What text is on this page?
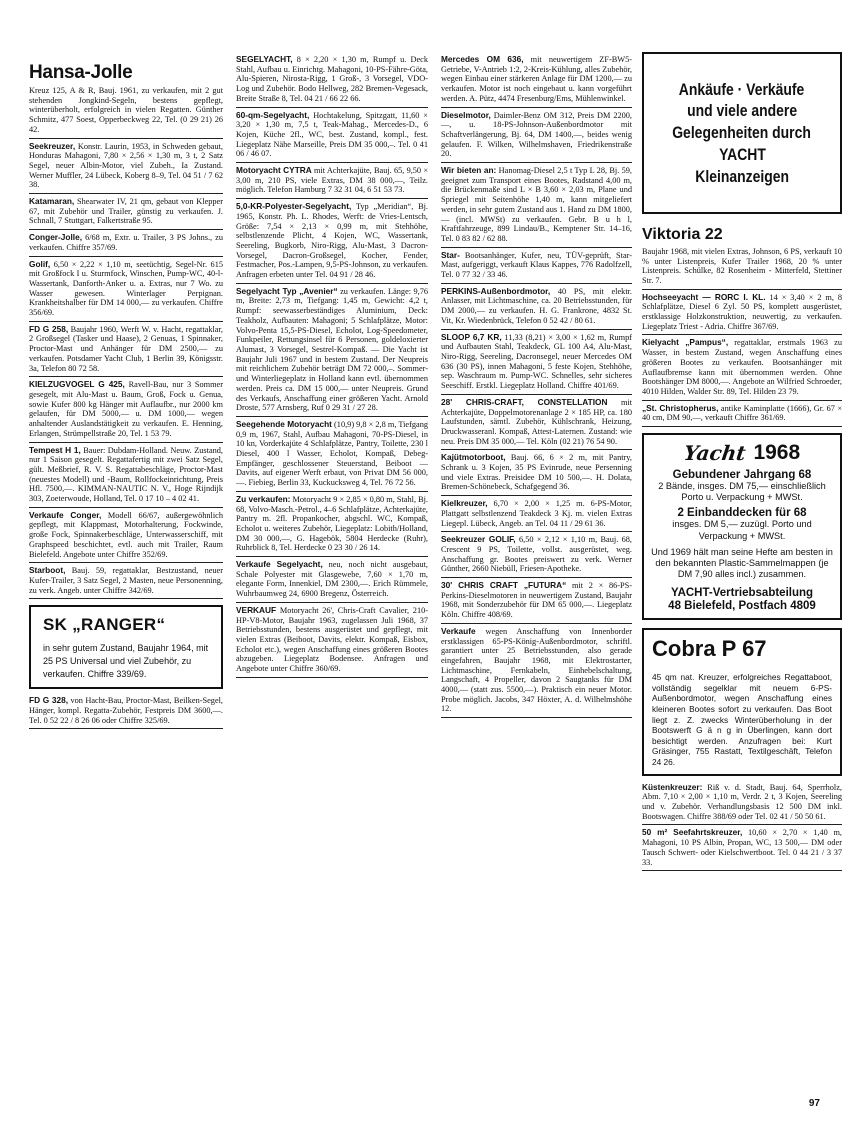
Hansa-Jolle
Kreuz 125, A & R, Bauj. 1961, zu verkaufen, mit 2 gut stehenden Jongkind-Segeln, bestens gepflegt, winterüberholt, erfolgreich in vielen Regatten. Günther Schmitz, 477 Soest, Opperbeckweg 22, Tel. (0 29 21) 26 42.

Seekreuzer, Konstr. Laurin, 1953, in Schweden gebaut, Honduras Mahagoni, 7,80 × 2,56 × 1,30 m, 3 t, 2 Satz Segel, neuer Albin-Motor, viel Zubeh., Ia Zustand. Werner Muffler, 24 Lübeck, Koberg 8–9, Tel. 04 51 / 7 62 38.

Katamaran, Shearwater IV, 21 qm, gebaut von Klepper 67, mit Zubehör und Trailer, günstig zu verkaufen. J. Schnall, 7 Stuttgart, Falkertstraße 95.

Conger-Jolle, 6/68 m, Extr. u. Trailer, 3 PS Johns., zu verkaufen. Chiffre 357/69.

Golif, 6,50 × 2,22 × 1,10 m, seetüchtig, Segel-Nr. 615 mit Großfock I u. Sturmfock, Winschen, Pump-WC, 40-l-Wassertank, Danforth-Anker u. a. Extras, nur 7 Wo. zu Wasser gewesen. Winterlager Perpignan. Krankheitshalber für DM 14 000,— zu verkaufen. Chiffre 356/69.

FD G 258, Baujahr 1960, Werft W. v. Hacht, regattaklar, 2 Großsegel (Tasker und Haase), 2 Genuas, 1 Spinnaker, Proctor-Mast und Anhänger für DM 2500,— zu verkaufen. Potsdamer Yacht Club, 1 Berlin 39, Königsstr. 3a, Telefon 80 72 58.

KIELZUGVOGEL G 425, Ravell-Bau, nur 3 Sommer gesegelt, mit Alu-Mast u. Baum, Groß, Fock u. Genua, sowie Kufer 800 kg Hänger mit Auflaufbr., nur 2000 km gelaufen, für DM 5000,— u. DM 1000,— wegen anhaltender Auslandstätigkeit zu verkaufen. E. Henning, Erlangen, Strümpellstraße 20, Tel. 1 53 79.

Tempest H 1, Bauer: Dubdam-Holland. Neuw. Zustand, nur 1 Saison gesegelt. Regattafertig mit zwei Satz Segel, gült. Meßbrief, R. V. S. Regattabeschläge, Proctor-Mast (neuestes Modell) und -Baum, Rollfockeinrichtung, Preis Hfl. 7500,—. KIMMAN-NAUTIC N. V., Hoge Rijndijk 303, Zoeterwoude, Holland, Tel. 0 17 10 – 4 02 41.

Verkaufe Conger, Modell 66/67, außergewöhnlich gepflegt, mit Klappmast, Motorhalterung, Fockwinde, große Fock, Spinnakerbeschläge, Unterwasserschiff, mit Graphspeed beschichtet, evtl. auch mit Trailer, Raum Bielefeld. Angebote unter Chiffre 352/69.

Starboot, Bauj. 59, regattaklar, Bestzustand, neuer Kufer-Trailer, 3 Satz Segel, 2 Masten, neue Personenning, zu verk. Angeb. unter Chiffre 342/69.

SK „RANGER“
in sehr gutem Zustand, Baujahr 1964, mit 25 PS Universal und viel Zubehör, zu verkaufen. Chiffre 339/69.

FD G 328, von Hacht-Bau, Proctor-Mast, Beilken-Segel, Hänger, kompl. Regatta-Zubehör, Festpreis DM 3600,—. Tel. 0 52 22 / 8 26 06 oder Chiffre 325/69.

SEGELYACHT, 8 × 2,20 × 1,30 m, Rumpf u. Deck Stahl, Aufbau u. Einrichtg. Mahagoni, 10-PS-Fähre-Göta, Alu-Spieren, Nirosta-Rigg, 1 Groß-, 3 Vorsegel, VDO-Log und Zubehör. Bodo Hellweg, 282 Bremen-Vegesack, Breite Straße 8, Tel. 04 21 / 66 22 66.

60-qm-Segelyacht, Hochtakelung, Spitzgatt, 11,60 × 3,20 × 1,30 m, 7,5 t, Teak-Mahag., Mercedes-D., 6 Kojen, Küche 2fl., WC, best. Zustand, kompl., fest. Liegeplatz Nähe Marseille, Preis DM 35 000,–. Tel. 0 41 06 / 46 07.

Motoryacht CYTRA mit Achterkajüte, Bauj. 65, 9,50 × 3,00 m, 210 PS, viele Extras, DM 38 000,—, Teilz. möglich. Telefon Hamburg 7 32 31 04, 6 51 53 73.

5,0-KR-Polyester-Segelyacht, Typ „Meridian“, Bj. 1965, Konstr. Ph. L. Rhodes, Werft: de Vries-Lentsch, Größe: 7,54 × 2,13 × 0,99 m, mit Stehhöhe, selbstlenzende Plicht, 4 Kojen, WC, Wassertank, Seereling, Bugkorb, Niro-Rigg, Alu-Mast, 3 Dacron-Vorsegel, Dacron-Großsegel, Kocher, Fender, Festmacher, Pos.-Lampen, 9,5-PS-Johnson, zu verkaufen. Anfragen erbeten unter Tel. 04 91 / 28 46.

Segelyacht Typ „Avenier“ zu verkaufen. Länge: 9,76 m, Breite: 2,73 m, Tiefgang: 1,45 m, Gewicht: 4,2 t, Rumpf: seewasserbeständiges Aluminium, Deck: Teakholz, Aufbauten: Mahagoni; 5 Schlafplätze, Motor: Volvo-Penta 15,5-PS-Diesel, Echolot, Log-Speedometer, Funkpeiler, Rettungsinsel für 6 Personen, goldeloxierter Alumast, 3 Vorsegel, Sestrel-Kompaß. — Die Yacht ist Baujahr Juli 1967 und in bestem Zustand. Der Neupreis mit reichlichem Zubehör beträgt DM 72 000,–. Sommer- und Winterliegeplatz in Holland kann evtl. übernommen werden. Preis ca. DM 15 000,— unter Neupreis. Grund des Verkaufs, Anschaffung einer größeren Yacht. Arnold Droste, 577 Arnsberg, Ruf 0 29 31 / 27 28.

Seegehende Motoryacht (10,9) 9,8 × 2,8 m, Tiefgang 0,9 m, 1967, Stahl, Aufbau Mahagoni, 70-PS-Diesel, in 10 kn, Vorderkajüte 4 Schlafplätze, Pantry, Toilette, 230 l Diesel, 400 l Wasser, Echolot, Kompaß, Debeg-Empfänger, geschlossener Steuerstand, Beiboot — Davits, auf eigener Werft erbaut, von Privat DM 56 000,—. Fiebieg, Berlin 33, Kuckucksweg 4, Tel. 76 72 56.

Zu verkaufen: Motoryacht 9 × 2,85 × 0,80 m, Stahl, Bj. 68, Volvo-Masch.-Petrol., 4–6 Schlafplätze, Achterkajüte, Pantry m. 2fl. Propankocher, abgschl. WC, Kompaß, Echolot u. weiteres Zubehör, Liegeplatz: Lobith/Holland, DM 30 000,—, G. Hagebök, 5804 Herdecke (Ruhr), Ruhrblick 8, Tel. Herdecke 0 23 30 / 26 14.

Verkaufe Segelyacht, neu, noch nicht ausgebaut, Schale Polyester mit Glasgewebe, 7,60 × 1,70 m, elegante Form, Innenkiel, DM 2300,—. Erich Rümmele, Wuhrbaumweg 24, 6900 Bregenz, Österreich.

VERKAUF Motoryacht 26', Chris-Craft Cavalier, 210-HP-V8-Motor, Baujahr 1963, zugelassen Juli 1968, 37 Betriebsstunden, bestens ausgerüstet und gepflegt, mit vielen Extras (Beiboot, Davits, elektr. Kompaß, Eisbox, Echolot etc.), wegen Anschaffung eines größeren Bootes abzugeben. Liegeplatz Bodensee. Anfragen und Angebote unter Chiffre 360/69.

Mercedes OM 636, mit neuwertigem ZF-BW5-Getriebe, V-Antrieb 1:2, 2-Kreis-Kühlung, alles Zubehör, wegen Einbau einer stärkeren Anlage für DM 1200,— zu verkaufen. Motor ist noch eingebaut u. kann vorgeführt werden. A. Pütz, 4474 Fresenburg/Ems, Mühlenwinkel.

Dieselmotor, Daimler-Benz OM 312, Preis DM 2200,—, u. 18-PS-Johnson-Außenbordmotor mit Schaftverlängerung, Bj. 64, DM 1400,—, beides wenig gelaufen. F. Wilken, Wilhelmshaven, Friedrikenstraße 20.

Wir bieten an: Hanomag-Diesel 2,5 t Typ L 28, Bj. 59, geeignet zum Transport eines Bootes, Radstand 4,00 m, die Brückenmaße sind L × B 3,60 × 2,03 m, Plane und Spriegel mit Seitenhöhe 1,40 m, kann mitgeliefert werden, in sehr gutem Zustand aus 1. Hand zu DM 1800,— (incl. MWSt) zu verkaufen. Gebr. B u h l, Kraftfahrzeuge, 899 Lindau/B., Kemptener Str. 14–16, Tel. 0 83 82 / 62 88.

Star- Bootsanhänger, Kufer, neu, TÜV-geprüft, Star-Mast, aufgeriggt, verkauft Klaus Kappes, 776 Radolfzell, Tel. 0 77 32 / 33 46.

PERKINS-Außenbordmotor, 40 PS, mit elektr. Anlasser, mit Lichtmaschine, ca. 20 Betriebsstunden, für DM 2000,— zu verkaufen. H. G. Frankrone, 4832 St. Vit, Kr. Wiedenbrück, Telefon 0 52 42 / 80 61.

SLOOP 6,7 KR, 11,33 (8,21) × 3,00 × 1,62 m, Rumpf und Aufbauten Stahl, Teakdeck, GL 100 A4, Alu-Mast, Niro-Rigg, Seereling, Dacronsegel, neuer Mercedes OM 636 (30 PS), innen Mahagoni, 5 feste Kojen, Stehhöhe, sep. Waschraum m. Pump-WC. Schnelles, sehr sicheres Seeschiff. Erstkl. Liegeplatz Holland. Chiffre 401/69.

28' CHRIS-CRAFT, CONSTELLATION mit Achterkajüte, Doppelmotorenanlage 2 × 185 HP, ca. 180 Laufstunden, sämtl. Zubehör, Kühlschrank, Heizung, Druckwasseranl. Kompaß, Attest-Laternen. Zustand: wie neu. Preis DM 35 000,— Tel. Köln (02 21) 76 54 90.

Kajütmotorboot, Bauj. 66, 6 × 2 m, mit Pantry, Schrank u. 3 Kojen, 35 PS Evinrude, neue Persenning und viele Extras. Preisidee DM 10 500,—. H. Dolata, Bremen-Schönebeck, Schafgegend 36.

Kielkreuzer, 6,70 × 2,00 × 1,25 m. 6-PS-Motor, Plattgatt selbstlenzend Teakdeck 3 Kj. m. vielen Extras Liegepl. Lübeck, Angeb. an Tel. 04 11 / 29 61 36.

Seekreuzer GOLIF, 6,50 × 2,12 × 1,10 m, Bauj. 68, Crescent 9 PS, Toilette, vollst. ausgerüstet, weg. Anschaffung gr. Bootes preiswert zu verk. Werner Günther, 2660 Niebüll, Friesen-Apotheke.

30' CHRIS CRAFT „FUTURA“ mit 2 × 86-PS-Perkins-Dieselmotoren in neuwertigem Zustand, Baujahr 1968, mit Sonderzubehör für DM 65 000,—. Liegeplatz Köln. Chiffre 408/69.

Verkaufe wegen Anschaffung von Innenborder erstklassigen 65-PS-König-Außenbordmotor, schriftl. garantiert unter 25 Betriebsstunden, also gerade eingefahren, Baujahr 1968, mit Elektrostarter, Lichtmaschine, Fernkabeln, Einhebelschaltung, Langschaft, 4 Propeller, davon 2 Saugtanks für DM 4000,— (statt zus. 5500,—). Praktisch ein neuer Motor. Probe möglich. Jacobs, 347 Höxter, A. d. Wilhelmshöhe 12.

Ankäufe · Verkäufe
und viele andere
Gelegenheiten durch
YACHT
Kleinanzeigen

Viktoria 22
Baujahr 1968, mit vielen Extras, Johnson, 6 PS, verkauft 10 % unter Listenpreis, Kufer Trailer 1968, 20 % unter Listenpreis. Schülke, 82 Rosenheim - Mitterfeld, Stettiner Str. 7.

Hochseeyacht — RORC I. KL. 14 × 3,40 × 2 m, 8 Schlafplätze, Diesel 6 Zyl. 50 PS, komplett ausgerüstet, erstklassige Holzkonstruktion, neuwertig, zu verkaufen. Liegeplatz Triest - Adria. Chiffre 367/69.

Kielyacht „Pampus“, regattaklar, erstmals 1963 zu Wasser, in bestem Zustand, wegen Anschaffung eines größeren Bootes zu verkaufen. Bootsanhänger mit Auflaufbremse kann mit übernommen werden. Ohne Bootshänger DM 8000,—. Angebote an Wilfried Schroeder, 4010 Hilden, Walder Str. 89, Tel. Hilden 23 79.

„St. Christopherus, antike Kaminplatte (1666), Gr. 67 × 40 cm, DM 90,—, verkauft Chiffre 361/69.

Yacht 1968
Gebundener Jahrgang 68
2 Bände, insges. DM 75,— einschließlich Porto u. Verpackung + MWSt.
2 Einbanddecken für 68
insges. DM 5,— zuzügl. Porto und Verpackung + MWSt.
Und 1969 hält man seine Hefte am besten in den bekannten Plastic-Sammelmappen (je DM 7,90 alles incl.) zusammen.
YACHT-Vertriebsabteilung
48 Bielefeld, Postfach 4809
Cobra P 67
45 qm nat. Kreuzer, erfolgreiches Regattaboot, vollständig segelklar mit neuem 6-PS-Außenbordmotor, wegen Anschaffung eines kleineren Bootes sofort zu verkaufen. Das Boot liegt z. Z. zwecks Winterüberholung in der Bootswerft G ä n g in Überlingen, kann dort besichtigt werden. Anzufragen bei: Kurt Gräsinger, 755 Rastatt, Textilgeschäft, Telefon 24 26.

Küstenkreuzer: Riß v. d. Stadt, Bauj. 64, Sperrholz, Abm. 7,10 × 2,00 × 1,10 m, Verdr. 2 t, 3 Kojen, Seereling und v. Zubehör. Verhandlungsbasis 12 500 DM inkl. Bootswagen. Chiffre 388/69 oder Tel. 02 41 / 50 50 61.

50 m² Seefahrtskreuzer, 10,60 × 2,70 × 1,40 m, Mahagoni, 10 PS Albin, Propan, WC, 13 500,— DM oder Tausch Schwert- oder Kielschwertboot. Tel. 0 44 21 / 3 37 33.

97
